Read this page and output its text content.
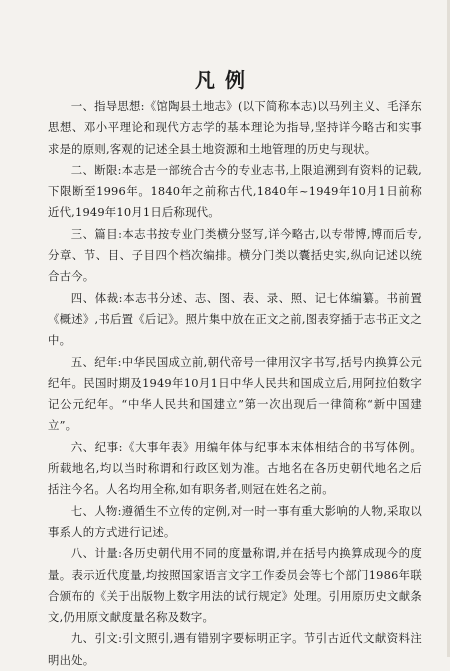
凡例

一、指导思想:《馆陶县土地志》(以下简称本志)以马列主义、毛泽东思想、邓小平理论和现代方志学的基本理论为指导,坚持详今略古和实事求是的原则,客观的记述全县土地资源和土地管理的历史与现状。

二、断限:本志是一部统合古今的专业志书,上限追溯到有资料的记载,下限断至1996年。1840年之前称古代,1840年~1949年10月1日前称近代,1949年10月1日后称现代。

三、篇目:本志书按专业门类横分竖写,详今略古,以专带博,博而后专,分章、节、目、子目四个档次编排。横分门类以囊括史实,纵向记述以统合古今。

四、体裁:本志书分述、志、图、表、录、照、记七体编纂。书前置《概述》,书后置《后记》。照片集中放在正文之前,图表穿插于志书正文之中。

五、纪年:中华民国成立前,朝代帝号一律用汉字书写,括号内换算公元纪年。民国时期及1949年10月1日中华人民共和国成立后,用阿拉伯数字记公元纪年。“中华人民共和国建立”第一次出现后一律简称“新中国建立”。

六、纪事:《大事年表》用编年体与纪事本末体相结合的书写体例。所载地名,均以当时称谓和行政区划为准。古地名在各历史朝代地名之后括注今名。人名均用全称,如有职务者,则冠在姓名之前。

七、人物:遵循生不立传的定例,对一时一事有重大影响的人物,采取以事系人的方式进行记述。

八、计量:各历史朝代用不同的度量称谓,并在括号内换算成现今的度量。表示近代度量,均按照国家语言文字工作委员会等七个部门1986年联合颁布的《关于出版物上数字用法的试行规定》处理。引用原历史文献条文,仍用原文献度量名称及数字。

九、引文:引文照引,遇有错别字要标明正字。节引古近代文献资料注明出处。
